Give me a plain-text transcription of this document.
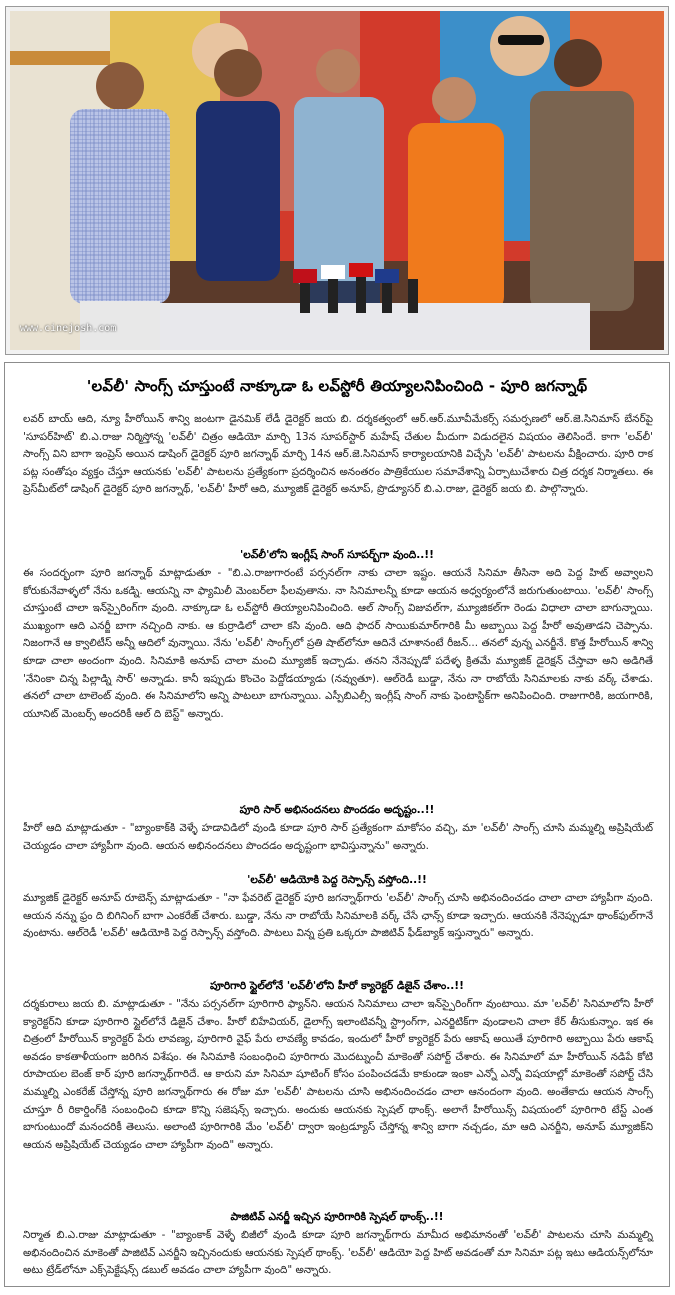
www.cinejosh.com
'లవ్‌లీ' సాంగ్స్ చూస్తుంటే నాక్కూడా ఓ లవ్‌స్టోరీ తియ్యాలనిపించింది - పూరి జగన్నాథ్

లవర్ బాయ్ ఆది, న్యూ హీరోయిన్ శాన్వి జంటగా డైనమిక్ లేడీ డైరెక్టర్ జయ బి. దర్శకత్వంలో ఆర్.ఆర్.మూవీమేకర్స్ సమర్పణలో ఆర్.జె.సినిమాస్ బేనర్‌పై 'సూపర్‌హిట్' బి.ఎ.రాజు నిర్మిస్తోన్న 'లవ్‌లీ' చిత్రం ఆడియో మార్చి 13న సూపర్‌స్టార్ మహేష్ చేతుల మీదుగా విడుదలైన విషయం తెలిసిందే. కాగా 'లవ్‌లీ' సాంగ్స్ విని బాగా ఇంప్రెస్ అయిన డాషింగ్ డైరెక్టర్ పూరి జగన్నాథ్ మార్చి 14న ఆర్.జె.సినిమాస్ కార్యాలయానికి విచ్చేసి 'లవ్‌లీ' పాటలను వీక్షించారు. పూరి రాక పట్ల సంతోషం వ్యక్తం చేస్తూ ఆయనకు 'లవ్‌లీ' పాటలను ప్రత్యేకంగా ప్రదర్శించిన అనంతరం పాత్రికేయుల సమావేశాన్ని ఏర్పాటుచేశారు చిత్ర దర్శక నిర్మాతలు. ఈ ప్రెస్‌మీట్‌లో డాషింగ్ డైరెక్టర్ పూరి జగన్నాథ్, 'లవ్‌లీ' హీరో ఆది, మ్యూజిక్ డైరెక్టర్ అనూప్, ప్రొడ్యూసర్ బి.ఎ.రాజు, డైరెక్టర్ జయ బి. పాల్గొన్నారు.

'లవ్‌లీ'లోని ఇంగ్లీష్ సాంగ్ సూపర్బ్‌గా వుంది..!!

ఈ సందర్భంగా పూరి జగన్నాథ్ మాట్లాడుతూ - "బి.ఎ.రాజుగారంటే పర్సనల్‌గా నాకు చాలా ఇష్టం. ఆయనే సినిమా తీసినా అది పెద్ద హిట్ అవ్వాలని కోరుకునేవాళ్ళలో నేను ఒకడ్ని. ఆయన్ని నా ఫ్యామిలీ మెంబర్‌లా ఫీలవుతాను. నా సినిమాలన్నీ కూడా ఆయన అధ్వర్యంలోనే జరుగుతుంటాయి. 'లవ్‌లీ' సాంగ్స్ చూస్తుంటే చాలా ఇన్‌స్పైరింగ్‌గా వుంది. నాక్కూడా ఓ లవ్‌స్టోరీ తియ్యాలనిపించింది. ఆల్ సాంగ్స్ విజువల్‌గా, మ్యూజికల్‌గా రెండు విధాలా చాలా బాగున్నాయి. ముఖ్యంగా ఆది ఎనర్జీ బాగా నచ్చింది నాకు. ఆ కుర్రాడిలో చాలా కసి వుంది. ఆది ఫాదర్ సాయికుమార్‌గారికి మీ అబ్బాయి పెద్ద హీరో అవుతాడని చెప్పాను. నిజంగానే ఆ క్వాలిటీస్ అన్నీ ఆదిలో వున్నాయి. నేను 'లవ్‌లీ' సాంగ్స్‌లో ప్రతి షాట్‌లోనూ ఆదినే చూశానంటే రీజన్... తనలో వున్న ఎనర్జీనే. కొత్త హీరోయిన్ శాన్వి కూడా చాలా అందంగా వుంది. సినిమాకి అనూప్ చాలా మంచి మ్యూజిక్ ఇచ్చాడు. తనని నేనెప్పుడో పదేళ్ళ క్రితమే మ్యూజిక్ డైరెక్షన్ చేస్తావా అని అడిగితే 'నేనింకా చిన్న పిల్లాడ్ని సార్' అన్నాడు. కానీ ఇప్పుడు కొంచెం పెద్దోడయ్యాడు (నవ్వుతూ). ఆల్‌రెడీ బుడ్డా, నేను నా రాబోయే సినిమాలకు నాకు వర్క్ చేశాడు. తనలో చాలా టాలెంట్ వుంది. ఈ సినిమాలోని అన్ని పాటలూ బాగున్నాయి. ఎస్పీబిఎల్సీ ఇంగ్లీష్ సాంగ్ నాకు ఫెంటాస్టిక్‌గా అనిపించింది. రాజుగారికి, జయగారికి, యూనిట్ మెంబర్స్ అందరికీ ఆల్ ది బెస్ట్" అన్నారు.

పూరి సార్ అభినందనలు పొందడం అదృష్టం..!!

హీరో ఆది మాట్లాడుతూ - "బ్యాంకాక్‌కి వెళ్ళే హడావిడిలో వుండి కూడా పూరి సార్ ప్రత్యేకంగా మాకోసం వచ్చి, మా 'లవ్‌లీ' సాంగ్స్ చూసి మమ్మల్ని అప్రిషియేట్ చెయ్యడం చాలా హ్యాపీగా వుంది. ఆయన అభినందనలు పొందడం అదృష్టంగా భావిస్తున్నాను" అన్నారు.

'లవ్‌లీ' ఆడియోకి పెద్ద రెస్పాన్స్ వస్తోంది..!!

మ్యూజిక్ డైరెక్టర్ అనూప్ రూబెన్స్ మాట్లాడుతూ - "నా ఫేవరెట్ డైరెక్టర్ పూరి జగన్నాథ్‌గారు 'లవ్‌లీ' సాంగ్స్ చూసి అభినందించడం చాలా చాలా హ్యాపీగా వుంది. ఆయన నన్ను ఫ్రం ది బిగినింగ్ బాగా ఎంకరేజ్ చేశారు. బుడ్డా, నేను నా రాబోయే సినిమాలకి వర్క్ చేసే ఛాన్స్ కూడా ఇచ్చారు. ఆయనకి నేనెప్పుడూ థాంక్‌ఫుల్‌గానే వుంటాను. ఆల్‌రెడీ 'లవ్‌లీ' ఆడియోకి పెద్ద రెస్పాన్స్ వస్తోంది. పాటలు విన్న ప్రతి ఒక్కరూ పాజిటివ్ ఫీడ్‌బ్యాక్ ఇస్తున్నారు" అన్నారు.

పూరిగారి స్టైల్‌లోనే 'లవ్‌లీ'లోని హీరో క్యారెక్టర్ డిజైన్ చేశాం..!!

దర్శకురాలు జయ బి. మాట్లాడుతూ - "నేను పర్సనల్‌గా పూరిగారి ఫ్యాన్‌ని. ఆయన సినిమాలు చాలా ఇన్‌స్పైరింగ్‌గా వుంటాయి. మా 'లవ్‌లీ' సినిమాలోని హీరో క్యారెక్టర్‌ని కూడా పూరిగారి స్టైల్‌లోనే డిజైన్ చేశాం. హీరో బిహేవియర్, డైలాగ్స్ ఇలాంటివన్నీ స్ట్రాంగ్‌గా, ఎనర్జిటిక్‌గా వుండాలని చాలా కేర్ తీసుకున్నాం. ఇక ఈ చిత్రంలో హీరోయిన్ క్యారెక్టర్ పేరు లావణ్య, పూరిగారి వైఫ్ పేరు లావణ్యే కావడం, ఇందులో హీరో క్యారెక్టర్ పేరు ఆకాష్ అయితే పూరిగారి అబ్బాయి పేరు ఆకాష్ అవడం కాకతాళీయంగా జరిగిన విశేషం. ఈ సినిమాకి సంబంధించి పూరిగారు మొదట్నుంచీ మాకెంతో సపోర్ట్ చేశారు. ఈ సినిమాలో మా హీరోయిన్ నడిపే కోటి రూపాయల బెంజ్ కార్ పూరి జగన్నాథ్‌గారిదే. ఆ కారుని మా సినిమా షూటింగ్ కోసం పంపించడమే కాకుండా ఇంకా ఎన్నో ఎన్నో విషయాల్లో మాకెంతో సపోర్ట్ చేసి మమ్మల్ని ఎంకరేజ్ చేస్తోన్న పూరి జగన్నాథ్‌గారు ఈ రోజు మా 'లవ్‌లీ' పాటలను చూసి అభినందించడం చాలా ఆనందంగా వుంది. అంతేకాదు ఆయన సాంగ్స్ చూస్తూ రీ రికార్డింగ్‌కి సంబంధించి కూడా కొన్ని సజెషన్స్ ఇచ్చారు. అందుకు ఆయనకు స్పెషల్ థాంక్స్. అలాగే హీరోయిన్స్ విషయంలో పూరిగారి టేస్ట్ ఎంత బాగుంటుందో మనందరికీ తెలుసు. అలాంటి పూరిగారికి మేం 'లవ్‌లీ' ద్వారా ఇంట్రడ్యూస్ చేస్తోన్న శాన్వి బాగా నచ్చడం, మా ఆది ఎనర్జీని, అనూప్ మ్యూజిక్‌ని ఆయన అప్రిషియేట్ చెయ్యడం చాలా హ్యాపీగా వుంది" అన్నారు.

పాజిటివ్ ఎనర్జీ ఇచ్చిన పూరిగారికి స్పెషల్ థాంక్స్..!!

నిర్మాత బి.ఎ.రాజు మాట్లాడుతూ - "బ్యాంకాక్ వెళ్ళే బిజీలో వుండి కూడా పూరి జగన్నాథ్‌గారు మామీద అభిమానంతో 'లవ్‌లీ' పాటలను చూసి మమ్మల్ని అభినందించిన మాకెంతో పాజిటివ్ ఎనర్జీని ఇచ్చినందుకు ఆయనకు స్పెషల్ థాంక్స్. 'లవ్‌లీ' ఆడియో పెద్ద హిట్ అవడంతో మా సినిమా పట్ల ఇటు ఆడియన్స్‌లోనూ అటు ట్రేడ్‌లోనూ ఎక్స్‌పెక్టేషన్స్ డబుల్ అవడం చాలా హ్యాపీగా వుంది" అన్నారు.
